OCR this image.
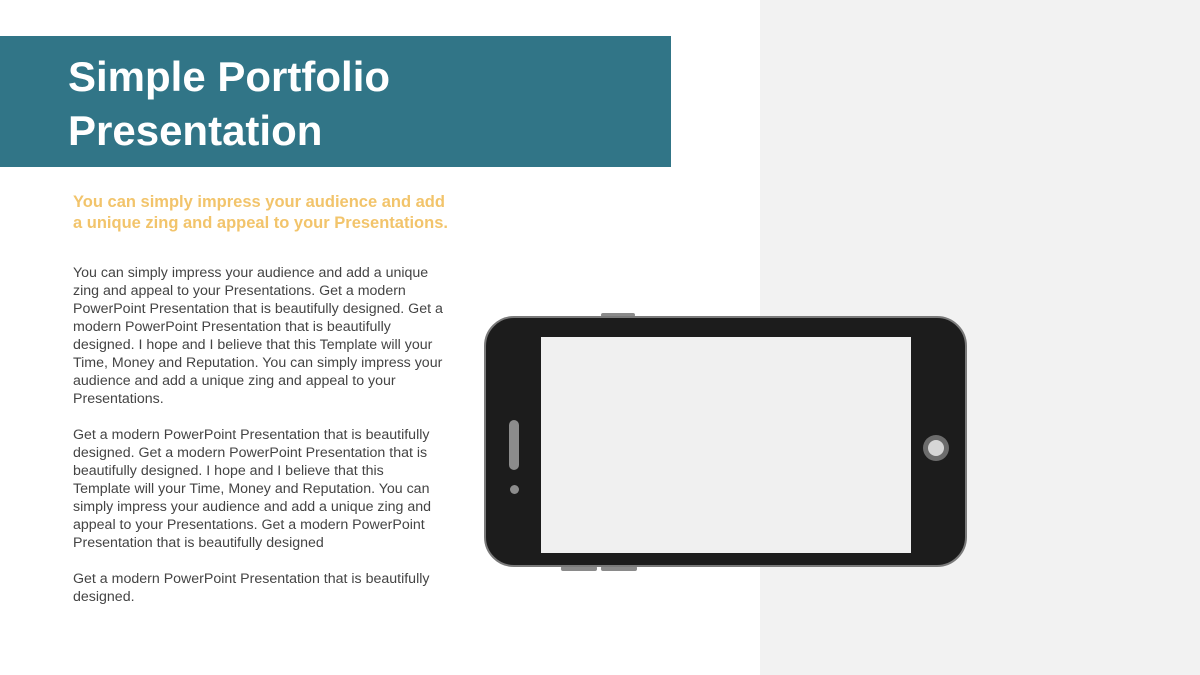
Simple Portfolio
Presentation

You can simply impress your audience and add a unique zing and appeal to your Presentations.

You can simply impress your audience and add a unique zing and appeal to your Presentations. Get a modern PowerPoint Presentation that is beautifully designed. Get a modern PowerPoint Presentation that is beautifully designed. I hope and I believe that this Template will your Time, Money and Reputation. You can simply impress your audience and add a unique zing and appeal to your Presentations.

Get a modern PowerPoint Presentation that is beautifully designed. Get a modern PowerPoint Presentation that is beautifully designed. I hope and I believe that this Template will your Time, Money and Reputation. You can simply impress your audience and add a unique zing and appeal to your Presentations. Get a modern PowerPoint Presentation that is beautifully designed

Get a modern PowerPoint Presentation that is beautifully designed.
